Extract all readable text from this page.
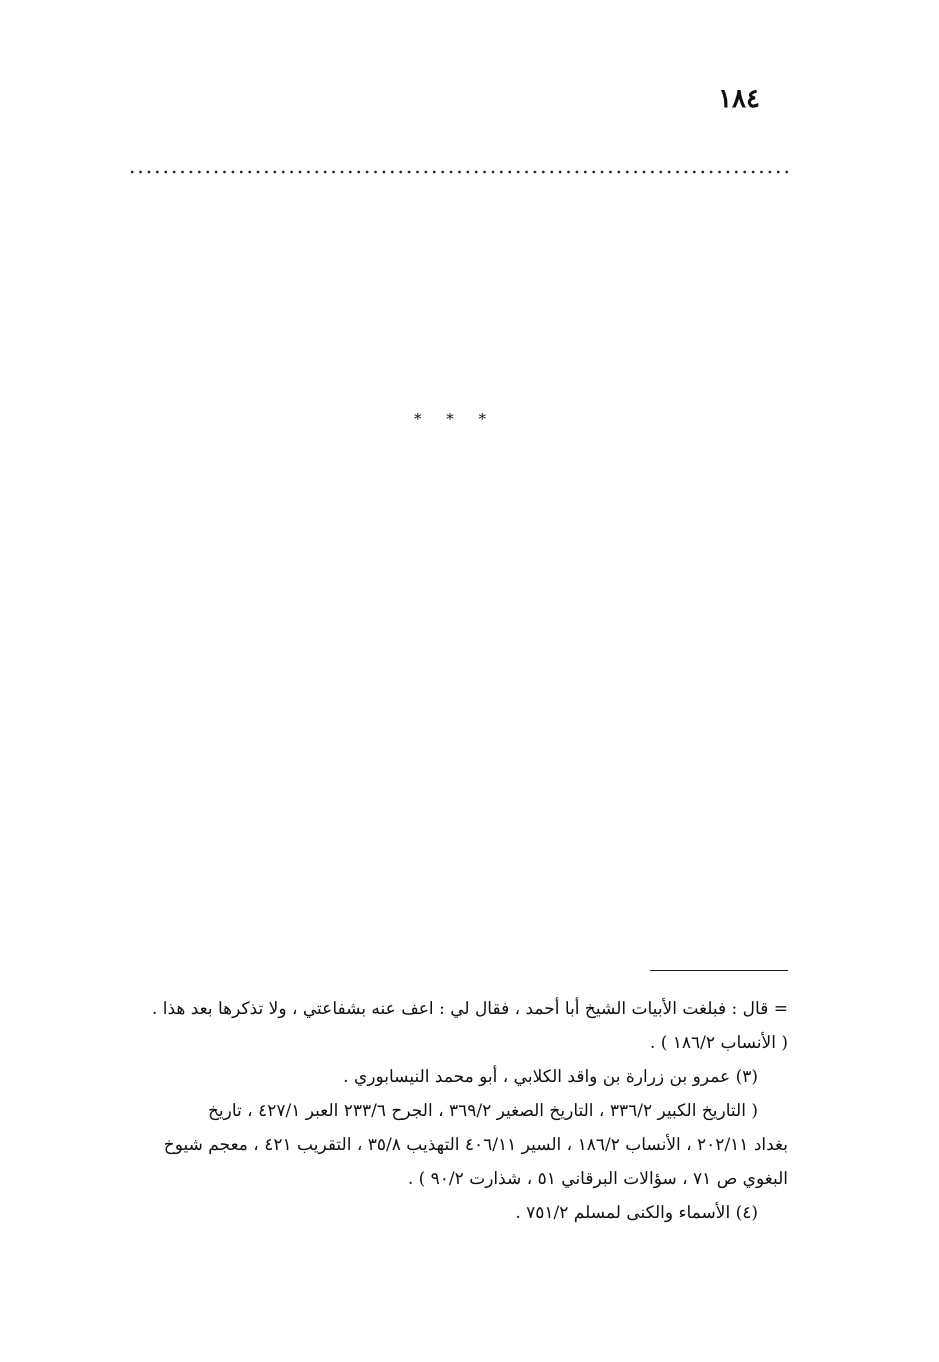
١٨٤
* * *
= قال : فبلغت الأبيات الشيخ أبا أحمد ، فقال لي : اعف عنه بشفاعتي ، ولا تذكرها بعد هذا .
( الأنساب ١٨٦/٢ ) .
(٣) عمرو بن زرارة بن واقد الكلابي ، أبو محمد النيسابوري .
( التاريخ الكبير ٣٣٦/٢ ، التاريخ الصغير ٣٦٩/٢ ، الجرح ٢٣٣/٦ العبر ٤٢٧/١ ، تاريخ
بغداد ٢٠٢/١١ ، الأنساب ١٨٦/٢ ، السير ٤٠٦/١١ التهذيب ٣٥/٨ ، التقريب ٤٢١ ، معجم شيوخ
البغوي ص ٧١ ، سؤالات البرقاني ٥١ ، شذارت ٩٠/٢ ) .
(٤) الأسماء والكنى لمسلم ٧٥١/٢ .
